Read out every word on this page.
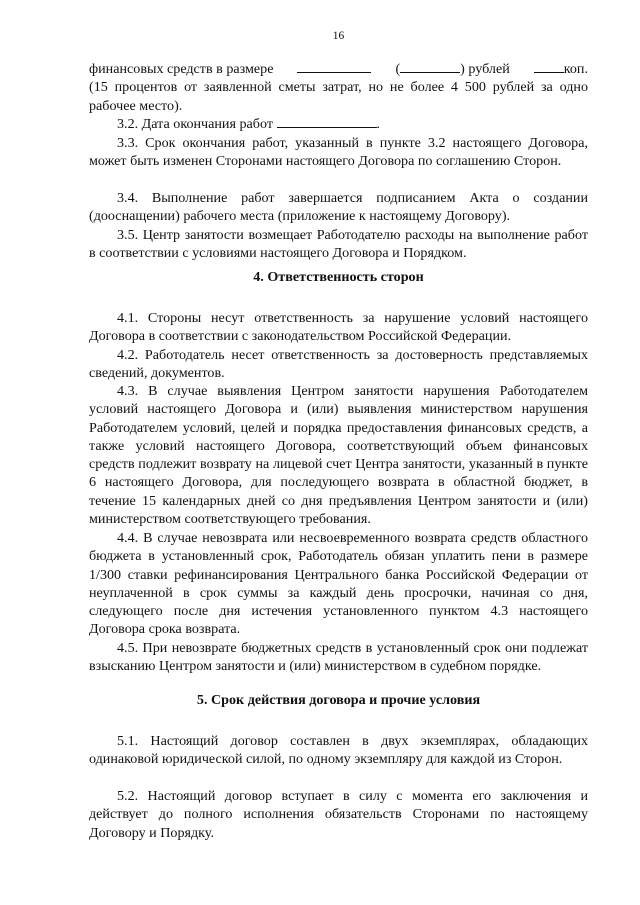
16
финансовых средств в размере	(	) рублей	коп.
(15 процентов от заявленной сметы затрат, но не более 4 500 рублей за одно рабочее место).
3.2. Дата окончания работ	.
3.3. Срок окончания работ, указанный в пункте 3.2 настоящего Договора, может быть изменен Сторонами настоящего Договора по соглашению Сторон.
3.4. Выполнение работ завершается подписанием Акта о создании (дооснащении) рабочего места (приложение к настоящему Договору).
3.5. Центр занятости возмещает Работодателю расходы на выполнение работ в соответствии с условиями настоящего Договора и Порядком.
4. Ответственность сторон
4.1. Стороны несут ответственность за нарушение условий настоящего Договора в соответствии с законодательством Российской Федерации.
4.2. Работодатель несет ответственность за достоверность представляемых сведений, документов.
4.3. В случае выявления Центром занятости нарушения Работодателем условий настоящего Договора и (или) выявления министерством нарушения Работодателем условий, целей и порядка предоставления финансовых средств, а также условий настоящего Договора, соответствующий объем финансовых средств подлежит возврату на лицевой счет Центра занятости, указанный в пункте 6 настоящего Договора, для последующего возврата в областной бюджет, в течение 15 календарных дней со дня предъявления Центром занятости и (или) министерством соответствующего требования.
4.4. В случае невозврата или несвоевременного возврата средств областного бюджета в установленный срок, Работодатель обязан уплатить пени в размере 1/300 ставки рефинансирования Центрального банка Российской Федерации от неуплаченной в срок суммы за каждый день просрочки, начиная со дня, следующего после дня истечения установленного пунктом 4.3 настоящего Договора срока возврата.
4.5. При невозврате бюджетных средств в установленный срок они подлежат взысканию Центром занятости и (или) министерством в судебном порядке.
5. Срок действия договора и прочие условия
5.1. Настоящий договор составлен в двух экземплярах, обладающих одинаковой юридической силой, по одному экземпляру для каждой из Сторон.
5.2. Настоящий договор вступает в силу с момента его заключения и действует до полного исполнения обязательств Сторонами по настоящему Договору и Порядку.
